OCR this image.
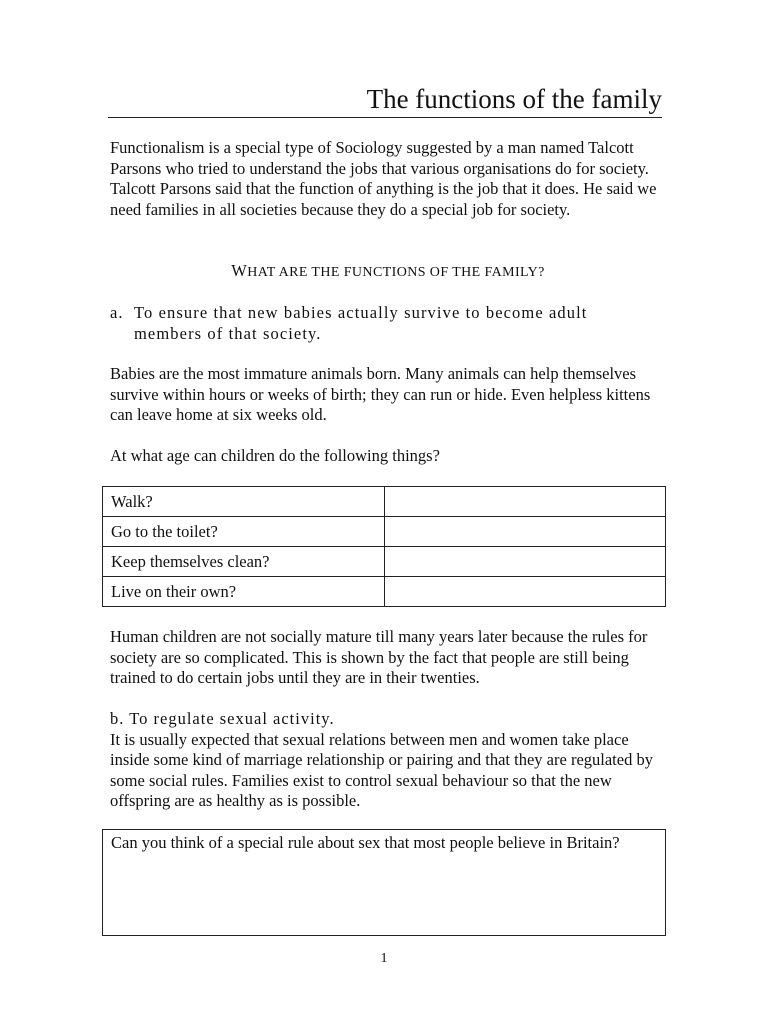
The functions of the family

Functionalism is a special type of Sociology suggested by a man named Talcott Parsons who tried to understand the jobs that various organisations do for society. Talcott Parsons said that the function of anything is the job that it does. He said we need families in all societies because they do a special job for society.

WHAT ARE THE FUNCTIONS OF THE FAMILY?
a. To ensure that new babies actually survive to become adult
members of that society.

Babies are the most immature animals born. Many animals can help themselves survive within hours or weeks of birth; they can run or hide. Even helpless kittens can leave home at six weeks old.

At what age can children do the following things?

Walk?	
Go to the toilet?	
Keep themselves clean?	
Live on their own?	

Human children are not socially mature till many years later because the rules for society are so complicated. This is shown by the fact that people are still being trained to do certain jobs until they are in their twenties.

b. To regulate sexual activity.
It is usually expected that sexual relations between men and women take place inside some kind of marriage relationship or pairing and that they are regulated by some social rules. Families exist to control sexual behaviour so that the new offspring are as healthy as is possible.
Can you think of a special rule about sex that most people believe in Britain?
1
